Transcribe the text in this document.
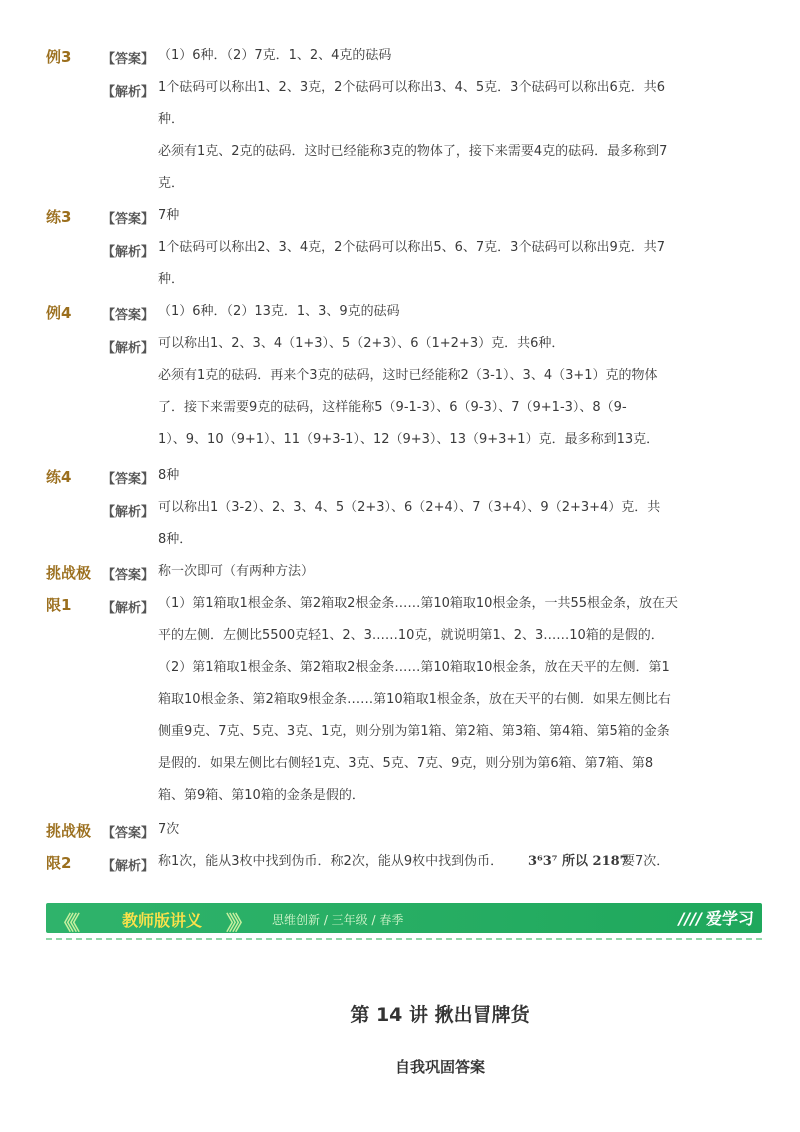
例3 【答案】 （1）6种．（2）7克．1、2、4克的砝码
【解析】 1个砝码可以称出1、2、3克，2个砝码可以称出3、4、5克．3个砝码可以称出6克．共6
种．
必须有1克、2克的砝码．这时已经能称3克的物体了，接下来需要4克的砝码．最多称到7
克．
练3 【答案】 7种
【解析】 1个砝码可以称出2、3、4克，2个砝码可以称出5、6、7克．3个砝码可以称出9克．共7
种．
例4 【答案】 （1）6种．（2）13克．1、3、9克的砝码
【解析】 可以称出1、2、3、4（1+3）、5（2+3）、6（1+2+3）克．共6种．
必须有1克的砝码．再来个3克的砝码，这时已经能称2（3-1）、3、4（3+1）克的物体
了．接下来需要9克的砝码，这样能称5（9-1-3）、6（9-3）、7（9+1-3）、8（9-
1）、9、10（9+1）、11（9+3-1）、12（9+3）、13（9+3+1）克．最多称到13克．
练4 【答案】 8种
【解析】 可以称出1（3-2）、2、3、4、5（2+3）、6（2+4）、7（3+4）、9（2+3+4）克．共
8种．
挑战极 【答案】 称一次即可（有两种方法）
限1 【解析】 （1）第1箱取1根金条、第2箱取2根金条……第10箱取10根金条，一共55根金条，放在天
平的左侧．左侧比5500克轻1、2、3……10克，就说明第1、2、3……10箱的是假的．
（2）第1箱取1根金条、第2箱取2根金条……第10箱取10根金条，放在天平的左侧．第1
箱取10根金条、第2箱取9根金条……第10箱取1根金条，放在天平的右侧．如果左侧比右
侧重9克、7克、5克、3克、1克，则分别为第1箱、第2箱、第3箱、第4箱、第5箱的金条
是假的．如果左侧比右侧轻1克、3克、5克、7克、9克，则分别为第6箱、第7箱、第8
箱、第9箱、第10箱的金条是假的．
挑战极 【答案】 7次
限2 【解析】 称1次，能从3枚中找到伪币．称2次，能从9枚中找到伪币． 3⁶3⁷ 所以 2187
要7次．
《《	教师版讲义 》》 思维创新 / 三年级 / 春季	//// 爱学习
第 14 讲 揪出冒牌货
自我巩固答案
